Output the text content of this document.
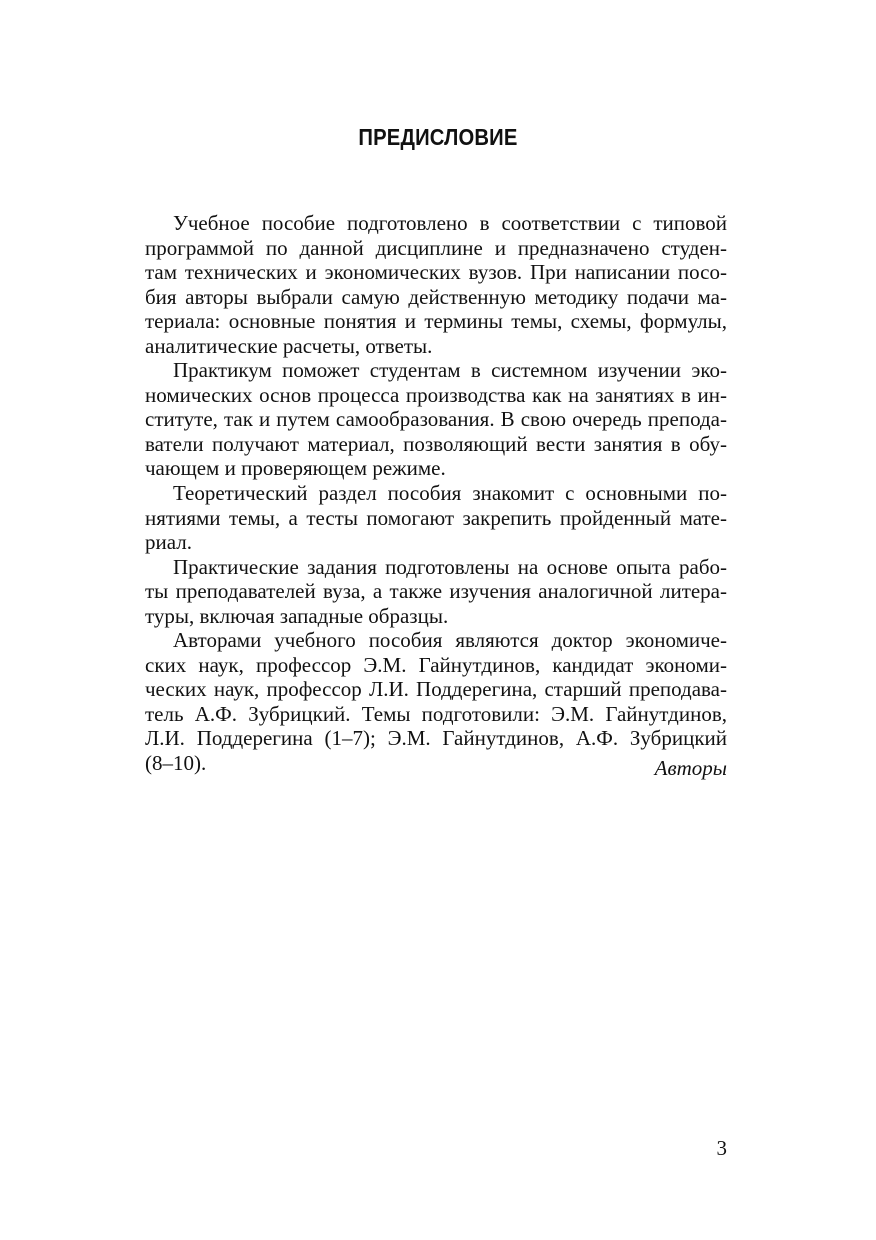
ПРЕДИСЛОВИЕ
Учебное пособие подготовлено в соответствии с типовой
программой по данной дисциплине и предназначено студен-
там технических и экономических вузов. При написании посо-
бия авторы выбрали самую действенную методику подачи ма-
териала: основные понятия и термины темы, схемы, формулы,
аналитические расчеты, ответы.
Практикум поможет студентам в системном изучении эко-
номических основ процесса производства как на занятиях в ин-
ституте, так и путем самообразования. В свою очередь препода-
ватели получают материал, позволяющий вести занятия в обу-
чающем и проверяющем режиме.
Теоретический раздел пособия знакомит с основными по-
нятиями темы, а тесты помогают закрепить пройденный мате-
риал.
Практические задания подготовлены на основе опыта рабо-
ты преподавателей вуза, а также изучения аналогичной литера-
туры, включая западные образцы.
Авторами учебного пособия являются доктор экономиче-
ских наук, профессор Э.М. Гайнутдинов, кандидат экономи-
ческих наук, профессор Л.И. Поддерегина, старший преподава-
тель А.Ф. Зубрицкий. Темы подготовили: Э.М. Гайнутдинов,
Л.И. Поддерегина (1–7); Э.М. Гайнутдинов, А.Ф. Зубрицкий
(8–10).	Авторы
3
